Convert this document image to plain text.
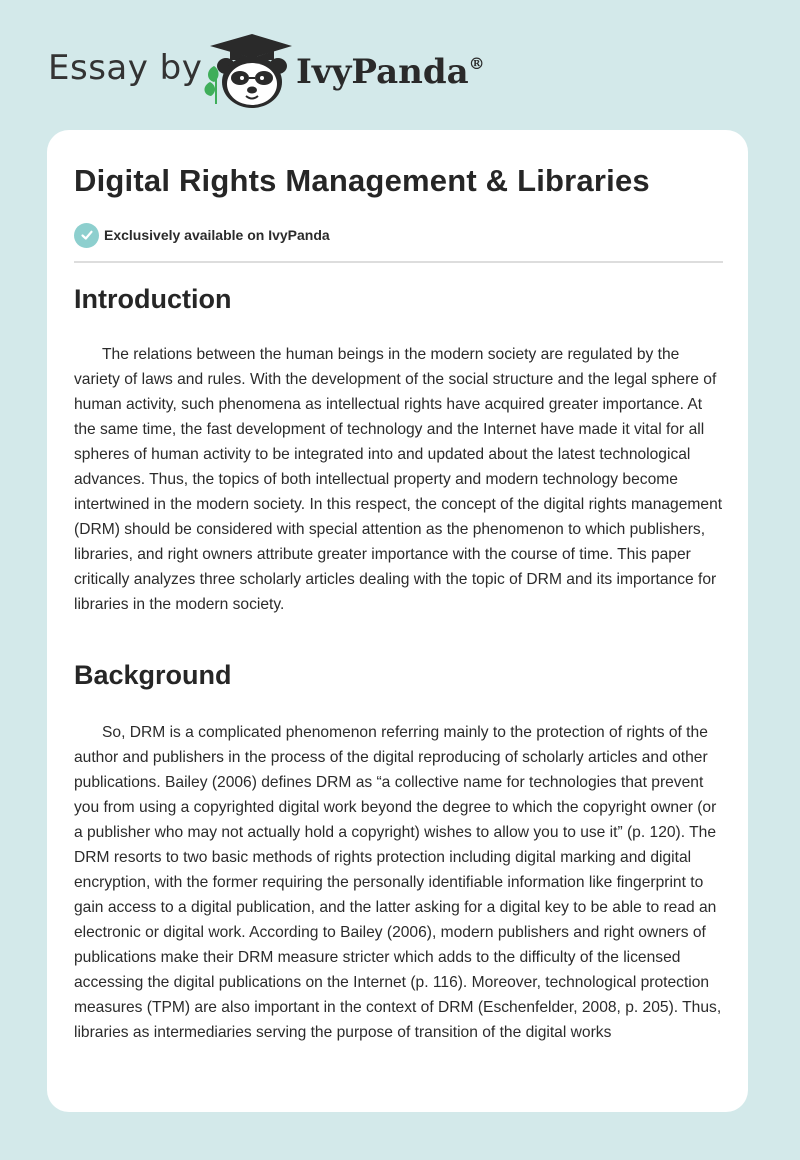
Essay by	IvyPanda®
Digital Rights Management & Libraries
Exclusively available on IvyPanda
Introduction

The relations between the human beings in the modern society are regulated by the variety of laws and rules. With the development of the social structure and the legal sphere of human activity, such phenomena as intellectual rights have acquired greater importance. At the same time, the fast development of technology and the Internet have made it vital for all spheres of human activity to be integrated into and updated about the latest technological advances. Thus, the topics of both intellectual property and modern technology become intertwined in the modern society. In this respect, the concept of the digital rights management (DRM) should be considered with special attention as the phenomenon to which publishers, libraries, and right owners attribute greater importance with the course of time. This paper critically analyzes three scholarly articles dealing with the topic of DRM and its importance for libraries in the modern society.

Background

So, DRM is a complicated phenomenon referring mainly to the protection of rights of the author and publishers in the process of the digital reproducing of scholarly articles and other publications. Bailey (2006) defines DRM as “a collective name for technologies that prevent you from using a copyrighted digital work beyond the degree to which the copyright owner (or a publisher who may not actually hold a copyright) wishes to allow you to use it” (p. 120). The DRM resorts to two basic methods of rights protection including digital marking and digital encryption, with the former requiring the personally identifiable information like fingerprint to gain access to a digital publication, and the latter asking for a digital key to be able to read an electronic or digital work. According to Bailey (2006), modern publishers and right owners of publications make their DRM measure stricter which adds to the difficulty of the licensed accessing the digital publications on the Internet (p. 116). Moreover, technological protection measures (TPM) are also important in the context of DRM (Eschenfelder, 2008, p. 205). Thus, libraries as intermediaries serving the purpose of transition of the digital works
